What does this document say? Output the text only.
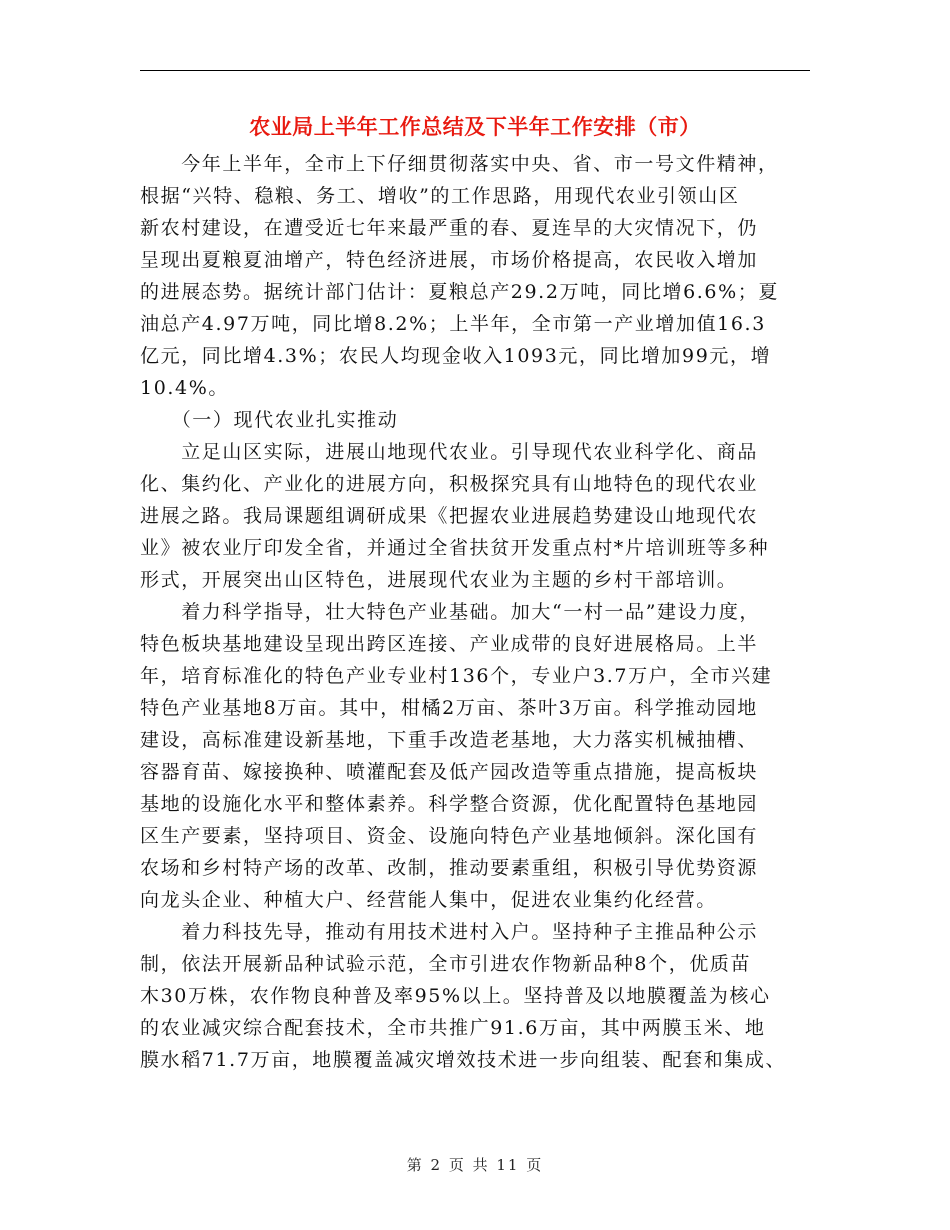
农业局上半年工作总结及下半年工作安排（市）
　　今年上半年，全市上下仔细贯彻落实中央、省、市一号文件精神，
根据“兴特、稳粮、务工、增收”的工作思路，用现代农业引领山区
新农村建设，在遭受近七年来最严重的春、夏连旱的大灾情况下，仍
呈现出夏粮夏油增产，特色经济进展，市场价格提高，农民收入增加
的进展态势。据统计部门估计：夏粮总产29.2万吨，同比增6.6%；夏
油总产4.97万吨，同比增8.2%；上半年，全市第一产业增加值16.3
亿元，同比增4.3%；农民人均现金收入1093元，同比增加99元，增
10.4%。
　　（一）现代农业扎实推动
　　立足山区实际，进展山地现代农业。引导现代农业科学化、商品
化、集约化、产业化的进展方向，积极探究具有山地特色的现代农业
进展之路。我局课题组调研成果《把握农业进展趋势建设山地现代农
业》被农业厅印发全省，并通过全省扶贫开发重点村*片培训班等多种
形式，开展突出山区特色，进展现代农业为主题的乡村干部培训。
　　着力科学指导，壮大特色产业基础。加大“一村一品”建设力度，
特色板块基地建设呈现出跨区连接、产业成带的良好进展格局。上半
年，培育标准化的特色产业专业村136个，专业户3.7万户，全市兴建
特色产业基地8万亩。其中，柑橘2万亩、茶叶3万亩。科学推动园地
建设，高标准建设新基地，下重手改造老基地，大力落实机械抽槽、
容器育苗、嫁接换种、喷灌配套及低产园改造等重点措施，提高板块
基地的设施化水平和整体素养。科学整合资源，优化配置特色基地园
区生产要素，坚持项目、资金、设施向特色产业基地倾斜。深化国有
农场和乡村特产场的改革、改制，推动要素重组，积极引导优势资源
向龙头企业、种植大户、经营能人集中，促进农业集约化经营。
　　着力科技先导，推动有用技术进村入户。坚持种子主推品种公示
制，依法开展新品种试验示范，全市引进农作物新品种8个，优质苗
木30万株，农作物良种普及率95%以上。坚持普及以地膜覆盖为核心
的农业减灾综合配套技术，全市共推广91.6万亩，其中两膜玉米、地
膜水稻71.7万亩，地膜覆盖减灾增效技术进一步向组装、配套和集成、
第 2 页 共 11 页
